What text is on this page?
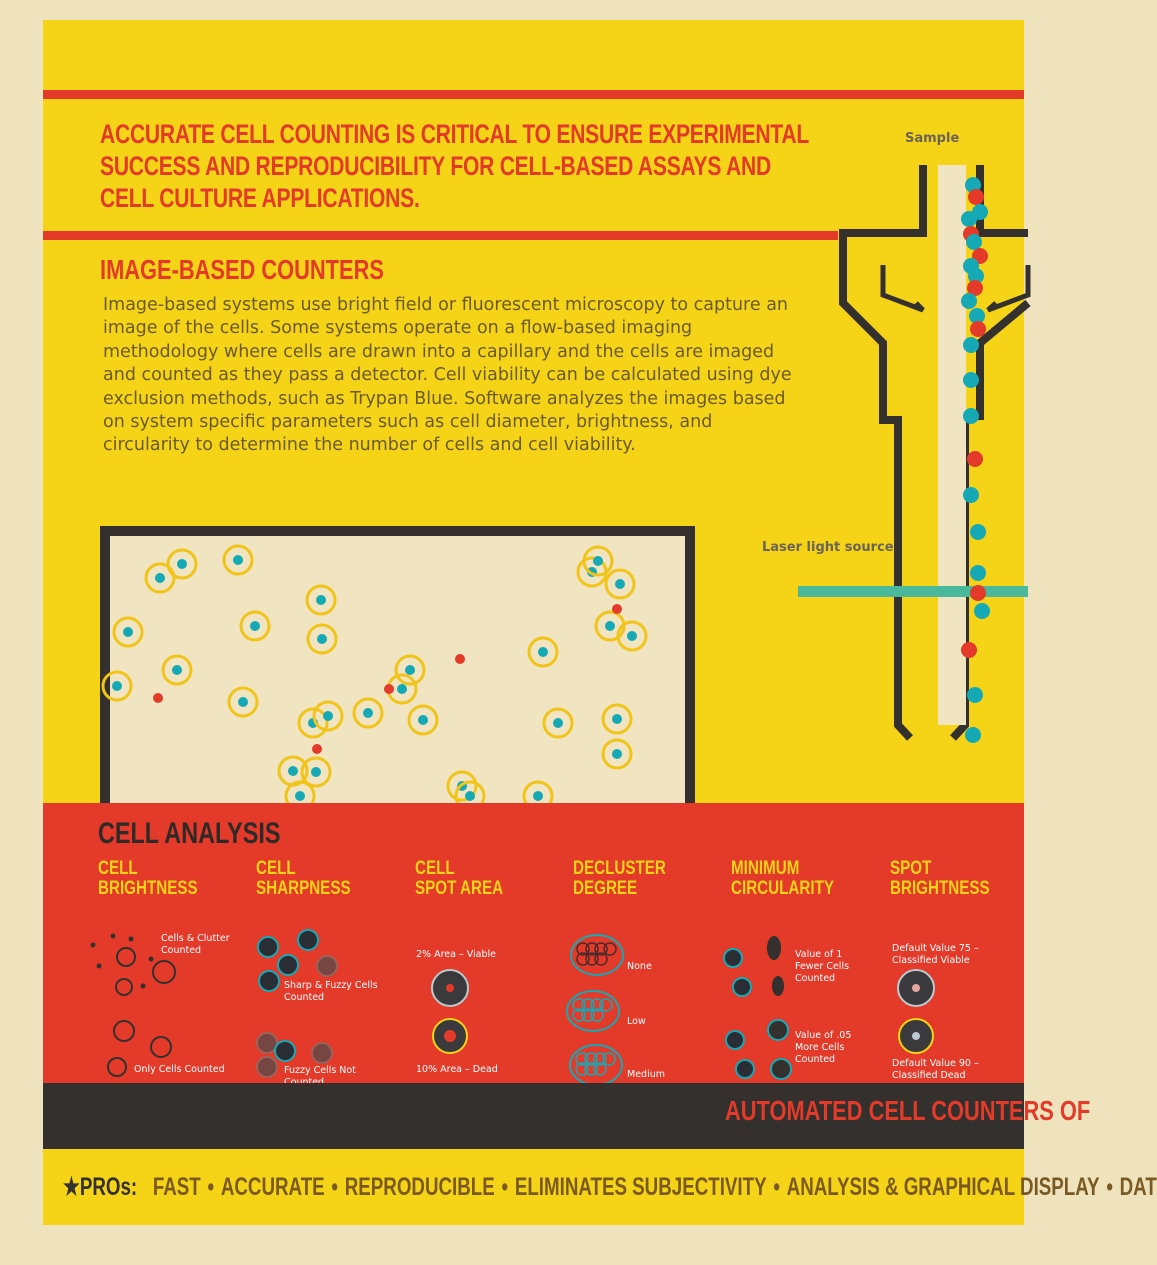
ACCURATE CELL COUNTING IS CRITICAL TO ENSURE EXPERIMENTAL SUCCESS AND REPRODUCIBILITY FOR CELL-BASED ASSAYS AND CELL CULTURE APPLICATIONS.

IMAGE-BASED COUNTERS

Image-based systems use bright field or fluorescent microscopy to capture an image of the cells. Some systems operate on a flow-based imaging methodology where cells are drawn into a capillary and the cells are imaged and counted as they pass a detector. Cell viability can be calculated using dye exclusion methods, such as Trypan Blue. Software analyzes the images based on system specific parameters such as cell diameter, brightness, and circularity to determine the number of cells and cell viability.

Sample
Laser light source
CELL ANALYSIS
CELL
BRIGHTNESS
CELL
SHARPNESS
CELL
SPOT AREA
DECLUSTER
DEGREE
MINIMUM
CIRCULARITY
SPOT
BRIGHTNESS

Cells & Clutter Counted

Only Cells Counted

Sharp & Fuzzy Cells Counted

Fuzzy Cells Not

2% Area – Viable

10% Area – Dead

None

Low

Medium

Value of 1 Fewer Cells Counted

Value of .05 More Cells Counted

Default Value 75 – Classified Viable

Default Value 90 – Classified Dead

AUTOMATED CELL COUNTERS OF

★PROs: FAST • ACCURATE • REPRODUCIBLE • ELIMINATES SUBJECTIVITY • ANALYSIS & GRAPHICAL DISPLAY • DAT
